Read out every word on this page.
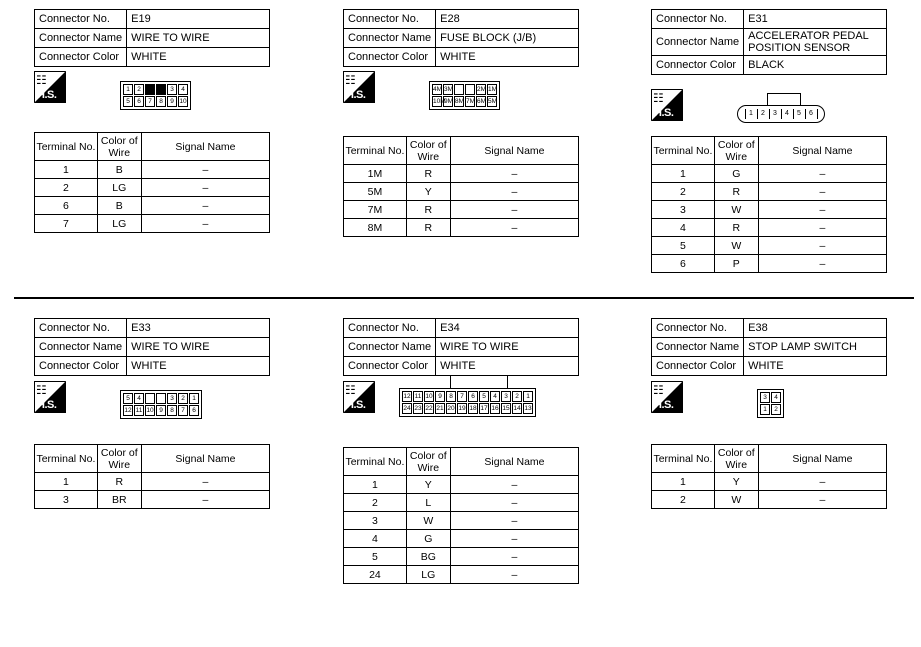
Connector No.	E19
Connector Name	WIRE TO WIRE
Connector Color	WHITE
☷
H.S.	1	2	3	4
5	6	7	8	9 10
Terminal No.	Color of Wire	Signal Name
1	B	–
2	LG	–
6	B	–
7	LG	–
Connector No.	E28
Connector Name	FUSE BLOCK (J/B)
Connector Color	WHITE
☷
H.S.	4M 3M	2M 1M
10M
9M 8M 7M 6M 5M
Terminal No.	Color of Wire	Signal Name
1M	R	–
5M	Y	–
7M	R	–
8M	R	–
Connector No.	E31
Connector Name	ACCELERATOR PEDAL POSITION SENSOR
Connector Color	BLACK
☷
H.S.	1	2	3	4	5	6
Terminal No.	Color of Wire	Signal Name
1	G	–
2	R	–
3	W	–
4	R	–
5	W	–
6	P	–
Connector No.	E33
Connector Name	WIRE TO WIRE
Connector Color	WHITE
☷
H.S.
5	4	3	2	1
12 11 10 9	8	7	6
Terminal No.	Color of Wire	Signal Name
1	R	–
3	BR	–
Connector No.	E34
Connector Name	WIRE TO WIRE
Connector Color	WHITE
☷
H.S.
12 11 10 9	8	7	6	5	4	3	2	1
24 23 22 21 20 19 18 17 16 15 14 13
Terminal No.	Color of Wire	Signal Name
1	Y	–
2	L	–
3	W	–
4	G	–
5	BG	–
24	LG	–
Connector No.	E38
Connector Name	STOP LAMP SWITCH
Connector Color	WHITE
☷
H.S.
3	4
1	2
Terminal No.	Color of Wire	Signal Name
1	Y	–
2	W	–
